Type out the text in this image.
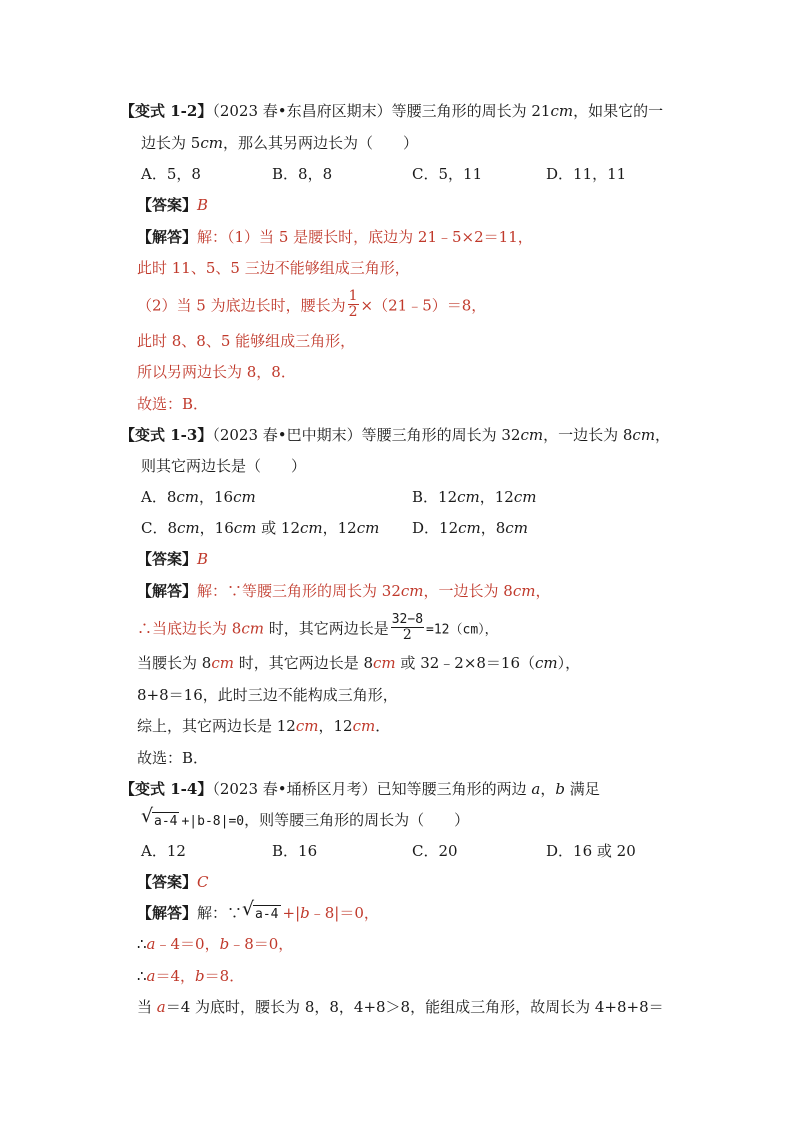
【变式 1-2】（2023 春•东昌府区期末）等腰三角形的周长为 21cm，如果它的一
边长为 5cm，那么其另两边长为（　　）
A．5，8	B．8，8	C．5，11	D．11，11
【答案】B
【解答】解：（1）当 5 是腰长时，底边为 21﹣5×2＝11，
此时 11、5、5 三边不能够组成三角形，
（2）当 5 为底边长时，腰长为 $\frac{1}{2}$ ×（21﹣5）＝8，
此时 8、8、5 能够组成三角形，
所以另两边长为 8，8．
故选：B．
【变式 1-3】（2023 春•巴中期末）等腰三角形的周长为 32cm，一边长为 8cm，
则其它两边长是（　　）
A．8cm，16cm	B．12cm，12cm
C．8cm，16cm 或 12cm，12cm D．12cm，8cm
【答案】B
【解答】解：∵等腰三角形的周长为 32cm，一边长为 8cm，
∴当底边长为 8cm 时，其它两边长是 $\frac{32-8}{2} =12(cm)$，
当腰长为 8cm 时，其它两边长是 8cm 或 32﹣2×8＝16（cm），
8+8＝16，此时三边不能构成三角形，
综上，其它两边长是 12cm，12cm．
故选：B．
【变式 1-4】（2023 春•埇桥区月考）已知等腰三角形的两边 a，b 满足
√ a-4 +|b-8|=0，则等腰三角形的周长为（　　）
A．12	B．16	C．20	D．16 或 20
【答案】C
【解答】解：∵ √ a-4 +|b﹣8|＝0，
∴a﹣4＝0，b﹣8＝0，
∴a＝4，b＝8．
当 a＝4 为底时，腰长为 8，8，4+8＞8，能组成三角形，故周长为 4+8+8＝
